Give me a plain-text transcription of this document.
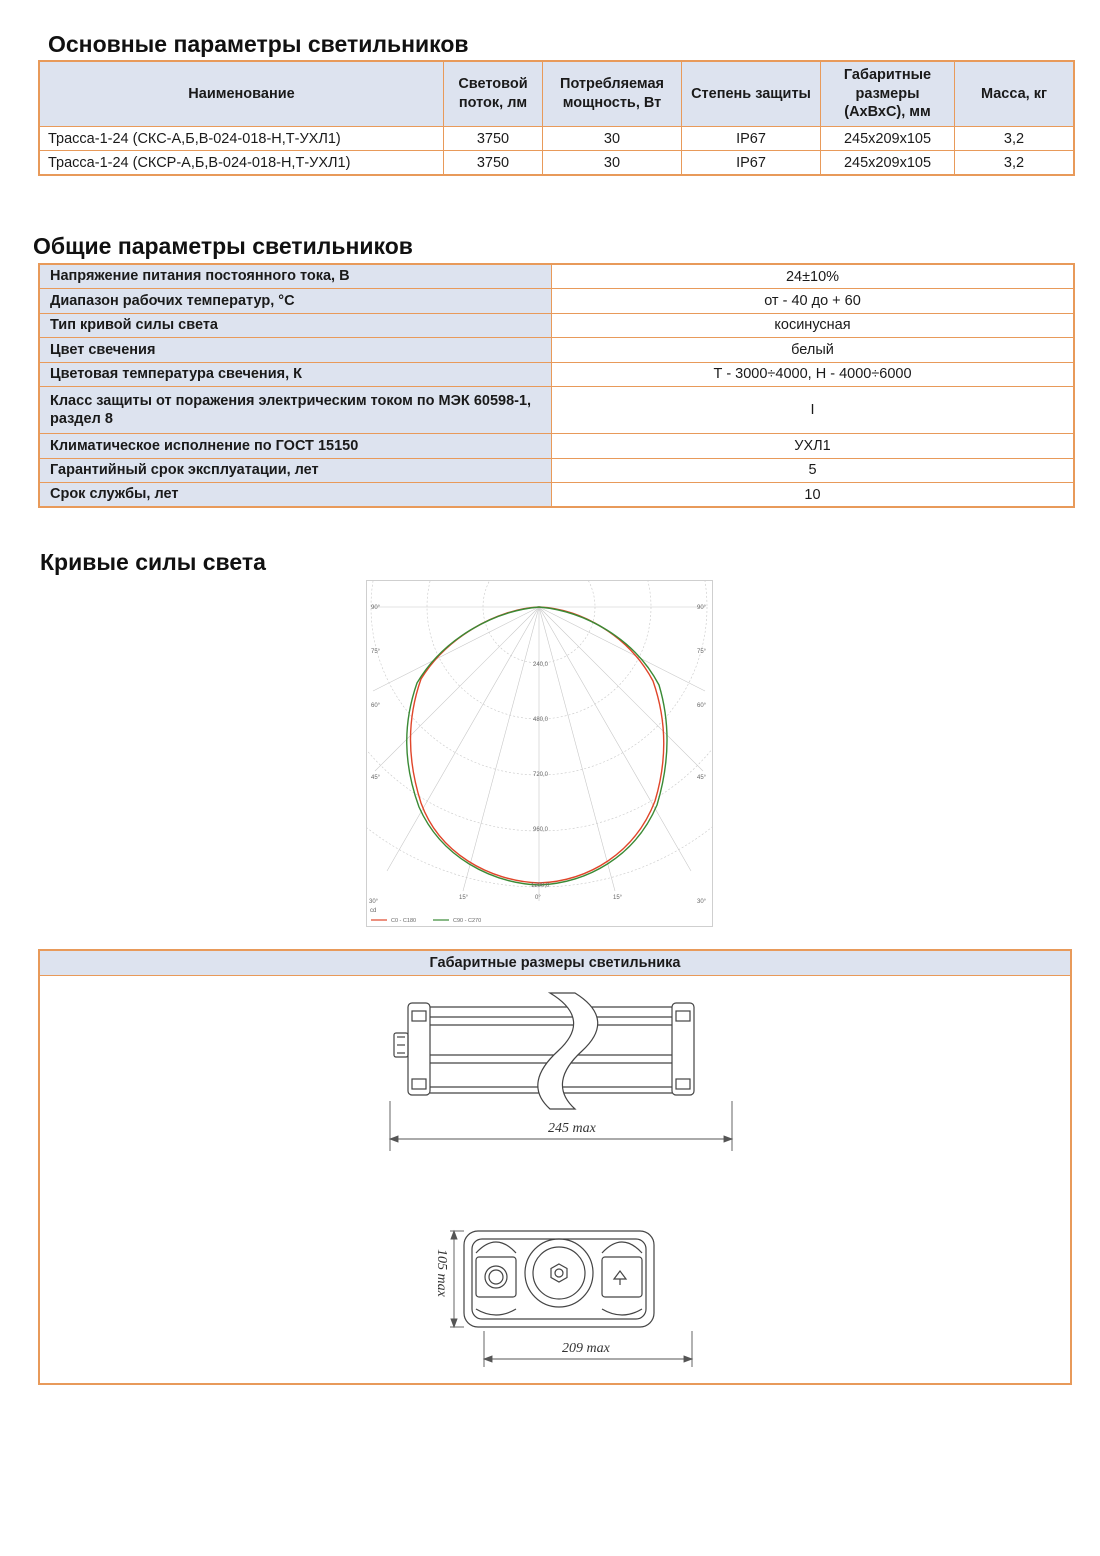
Основные параметры светильников
Наименование	Световой поток, лм	Потребляемая мощность, Вт	Степень защиты	Габаритные размеры (АхВхС), мм	Масса, кг
Трасса-1-24 (СКС-А,Б,В-024-018-Н,Т-УХЛ1)	3750	30	IP67	245х209х105	3,2
Трасса-1-24 (СКСР-А,Б,В-024-018-Н,Т-УХЛ1)	3750	30	IP67	245х209х105	3,2
Общие параметры светильников
Напряжение питания постоянного тока, В	24±10%
Диапазон рабочих температур, °С	от - 40 до + 60
Тип кривой силы света	косинусная
Цвет свечения	белый
Цветовая температура свечения, К	Т - 3000÷4000, Н - 4000÷6000
Класс защиты от поражения электрическим током по МЭК 60598-1, раздел 8	I
Климатическое исполнение по ГОСТ 15150	УХЛ1
Гарантийный срок эксплуатации, лет	5
Срок службы, лет	10
Кривые силы света
240,0
480,0
720,0
960,0
1200,0
90°
75°
60°
45°
90°
75°
60°
45°
30°
15°	0°	15°
30°
cd
C0 - C180	C90 - C270
Габаритные размеры светильника
245 max
209 max
105 max
